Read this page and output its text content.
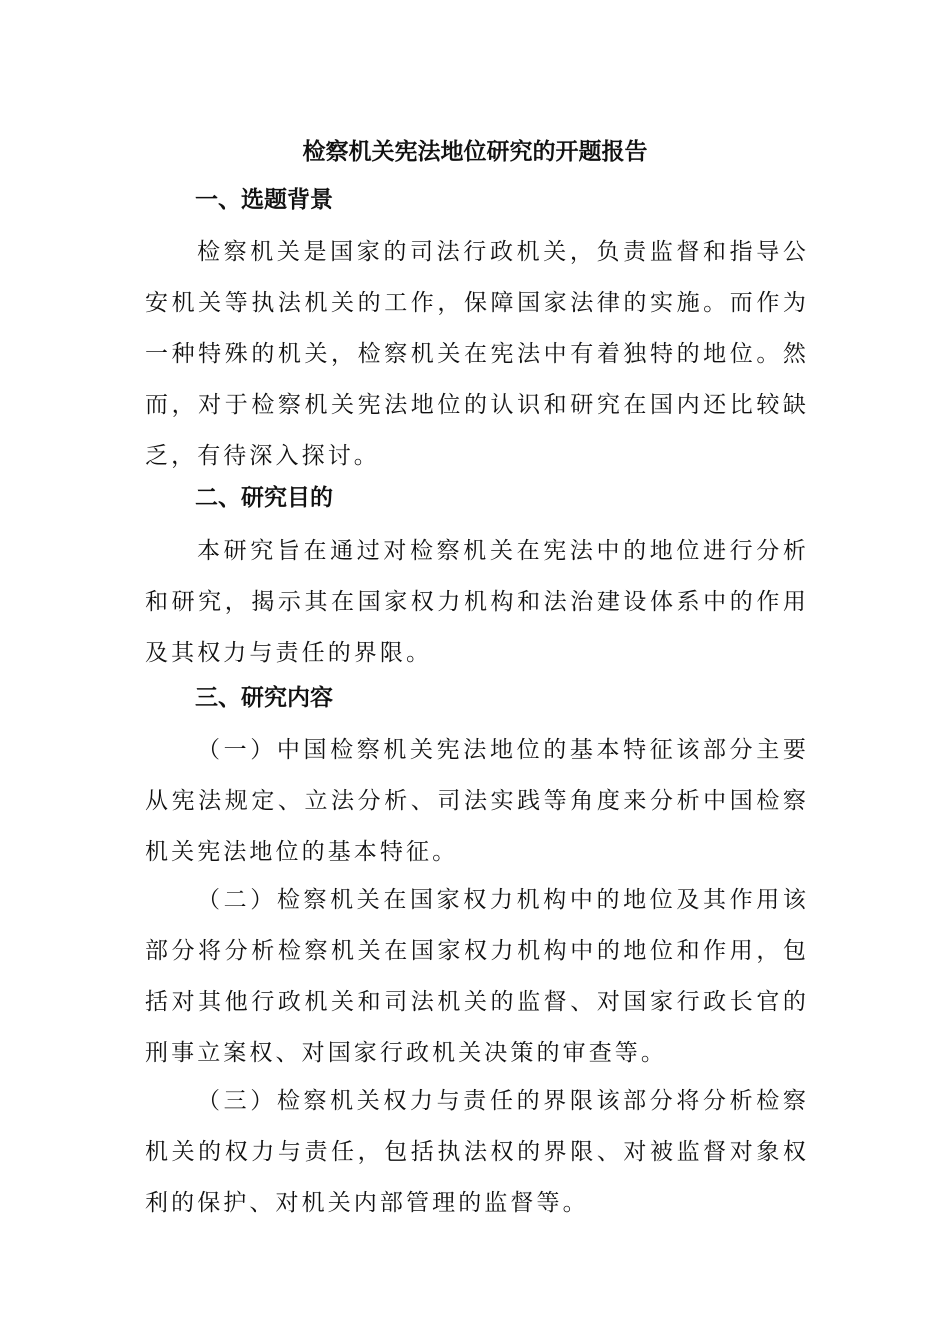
检察机关宪法地位研究的开题报告
一、选题背景
检察机关是国家的司法行政机关，负责监督和指导公安机关等执法机关的工作，保障国家法律的实施。而作为一种特殊的机关，检察机关在宪法中有着独特的地位。然而，对于检察机关宪法地位的认识和研究在国内还比较缺乏，有待深入探讨。
二、研究目的
本研究旨在通过对检察机关在宪法中的地位进行分析和研究，揭示其在国家权力机构和法治建设体系中的作用及其权力与责任的界限。
三、研究内容
（一）中国检察机关宪法地位的基本特征该部分主要从宪法规定、立法分析、司法实践等角度来分析中国检察机关宪法地位的基本特征。
（二）检察机关在国家权力机构中的地位及其作用该部分将分析检察机关在国家权力机构中的地位和作用，包括对其他行政机关和司法机关的监督、对国家行政长官的刑事立案权、对国家行政机关决策的审查等。
（三）检察机关权力与责任的界限该部分将分析检察机关的权力与责任，包括执法权的界限、对被监督对象权利的保护、对机关内部管理的监督等。
